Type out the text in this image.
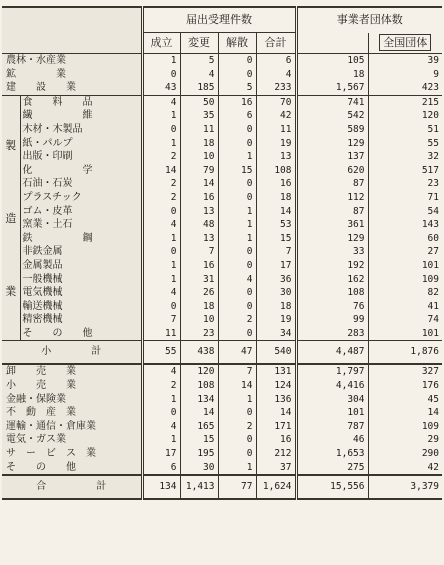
		届出受理件数				事業者団体数	
		成立	変更	解散	合計		全国団体
農林・水産業		1	5	0	6	105	39
鉱　　　　業		0	4	0	4	18	9
建　　設　　業		43	185	5	233	1,567	423

製
造
業	食　　料　　品	4	50	16	70	741	215
	繊　　　　　維	1	35	6	42	542	120
	木材・木製品	0	11	0	11	589	51
	紙・パルプ	1	18	0	19	129	55
	出版・印刷	2	10	1	13	137	32
	化　　　　　学	14	79	15	108	620	517
	石油・石炭	2	14	0	16	87	23
	プラスチック	2	16	0	18	112	71
	ゴム・皮革	0	13	1	14	87	54
	窯業・土石	4	48	1	53	361	143
	鉄　　　　　鋼	1	13	1	15	129	60
	非鉄金属	0	7	0	7	33	27
	金属製品	1	16	0	17	192	101
	一般機械	1	31	4	36	162	109
	電気機械	4	26	0	30	108	82
	輸送機械	0	18	0	18	76	41
	精密機械	7	10	2	19	99	74
	そ　　の　　他	11	23	0	34	283	101
小　　　　計		55	438	47	540	4,487	1,876
卸　　売　　業		4	120	7	131	1,797	327
小　　売　　業		2	108	14	124	4,416	176
金融・保険業		1	134	1	136	304	45
不　動　産　業		0	14	0	14	101	14
運輸・通信・倉庫業		4	165	2	171	787	109
電気・ガス業		1	15	0	16	46	29
サ　ー　ビ　ス　業		17	195	0	212	1,653	290
そ　　の　　他		6	30	1	37	275	42
合　　　　　計		134	1,413	77	1,624	15,556	3,379
